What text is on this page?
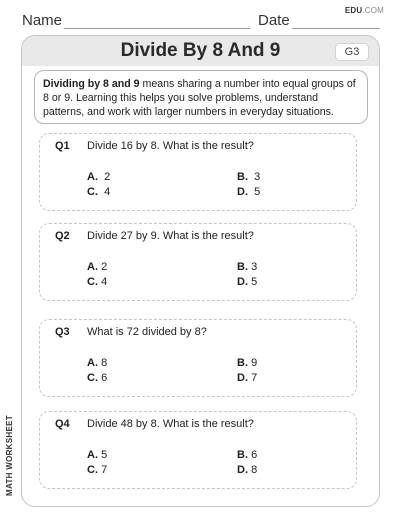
Name	Date
EDU.COM
Divide By 8 And 9	G3
Dividing by 8 and 9 means sharing a number into equal groups of 8 or 9. Learning this helps you solve problems, understand patterns, and work with larger numbers in everyday situations.
Q1 Divide 16 by 8. What is the result?
A. 2	B. 3
C. 4	D. 5
Q2 Divide 27 by 9. What is the result?
A. 2	B. 3
C. 4	D. 5
Q3 What is 72 divided by 8?
A. 8	B. 9
C. 6	D. 7
Q4 Divide 48 by 8. What is the result?
A. 5	B. 6
C. 7	D. 8
MATH WORKSHEET
